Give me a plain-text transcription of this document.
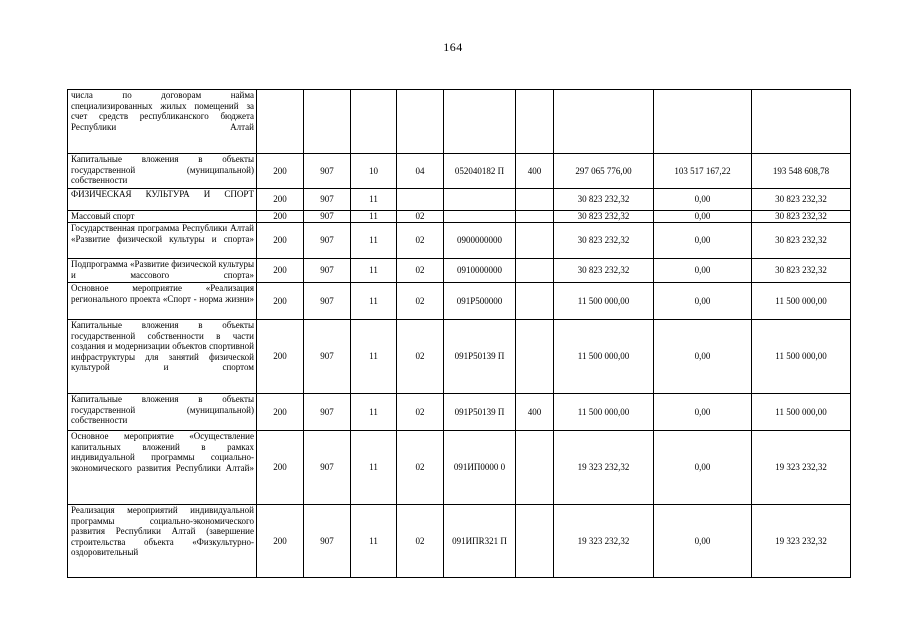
164
числа по договорам найма специализированных жилых помещений за счет средств республиканского бюджета Республики Алтай									
Капитальные вложения в объекты государственной (муниципальной) собственности	200	907	10	04	052040182 П	400	297 065 776,00	103 517 167,22	193 548 608,78
ФИЗИЧЕСКАЯ КУЛЬТУРА И СПОРТ	200	907	11				30 823 232,32	0,00	30 823 232,32
Массовый спорт	200	907	11	02			30 823 232,32	0,00	30 823 232,32
Государственная программа Республики Алтай «Развитие физической культуры и спорта»	200	907	11	02	0900000000		30 823 232,32	0,00	30 823 232,32
Подпрограмма «Развитие физической культуры и массового спорта»	200	907	11	02	0910000000		30 823 232,32	0,00	30 823 232,32
Основное мероприятие «Реализация регионального проекта «Спорт - норма жизни»	200	907	11	02	091P500000		11 500 000,00	0,00	11 500 000,00
Капитальные вложения в объекты государственной собственности в части создания и модернизации объектов спортивной инфраструктуры для занятий физической культурой и спортом	200	907	11	02	091P50139 П		11 500 000,00	0,00	11 500 000,00
Капитальные вложения в объекты государственной (муниципальной) собственности	200	907	11	02	091P50139 П	400	11 500 000,00	0,00	11 500 000,00
Основное мероприятие «Осуществление капитальных вложений в рамках индивидуальной программы социально-экономического развития Республики Алтай»	200	907	11	02	091ИП0000 0		19 323 232,32	0,00	19 323 232,32
Реализация мероприятий индивидуальной программы социально-экономического развития Республики Алтай (завершение строительства объекта «Физкультурно-оздоровительный	200	907	11	02	091ИПR321 П		19 323 232,32	0,00	19 323 232,32
